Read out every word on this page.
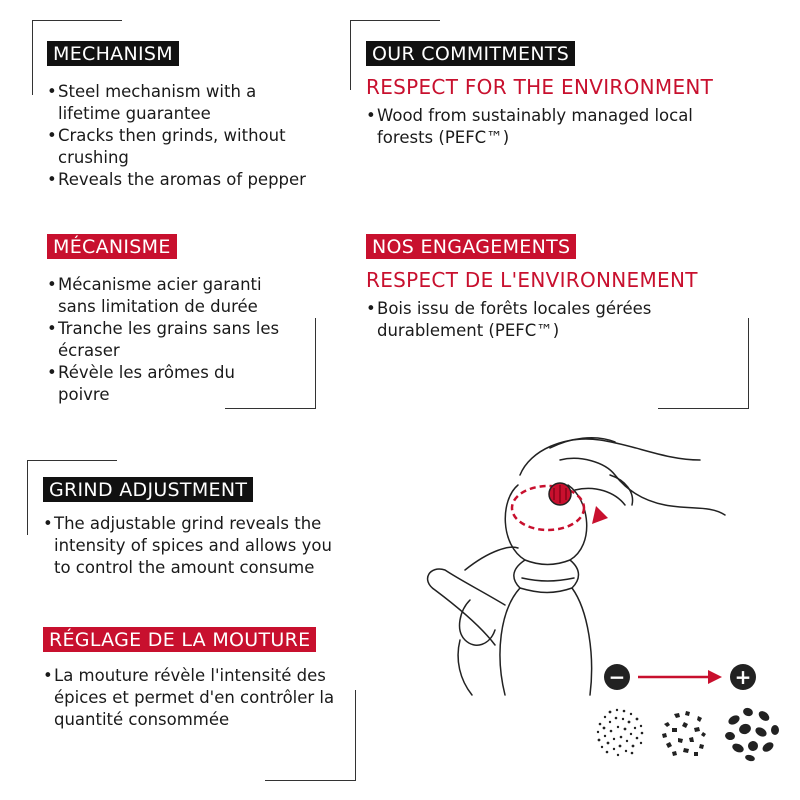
MECHANISM
• Steel mechanism with a lifetime guarantee
• Cracks then grinds, without crushing
• Reveals the aromas of pepper
OUR COMMITMENTS
RESPECT FOR THE ENVIRONMENT
• Wood from sustainably managed local forests (PEFC™)
MÉCANISME
• Mécanisme acier garanti sans limitation de durée
• Tranche les grains sans les écraser
• Révèle les arômes du poivre
NOS ENGAGEMENTS
RESPECT DE L'ENVIRONNEMENT
• Bois issu de forêts locales gérées durablement (PEFC™)
GRIND ADJUSTMENT
• The adjustable grind reveals the intensity of spices and allows you to control the amount consume
RÉGLAGE DE LA MOUTURE
• La mouture révèle l'intensité des épices et permet d'en contrôler la quantité consommée
−	+
